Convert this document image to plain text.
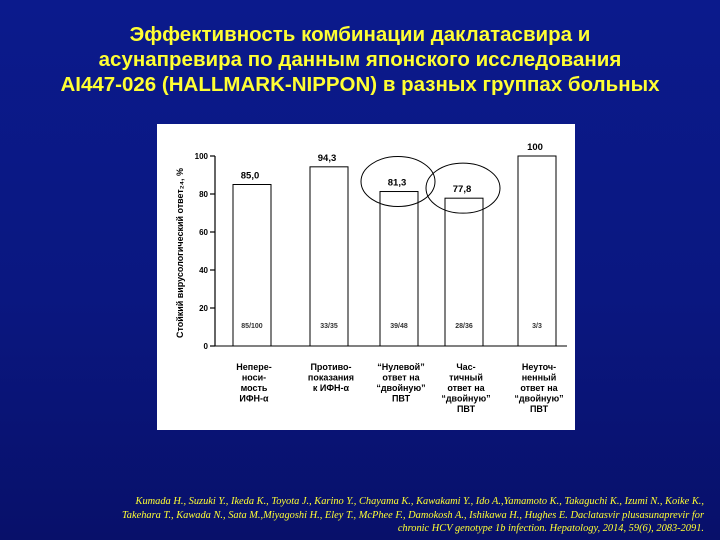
Эффективность комбинации даклатасвира и
асунапревира по данным японского исследования
AI447-026 (HALLMARK-NIPPON) в разных группах больных
0
20
40
60
80
100
Стойкий вирусологический ответ₂₄, %	85,0
85/100
Непере-
носи-
мость
ИФН-α
94,3
33/35
Противо-
показания
к ИФН-α
81,3
39/48
“Нулевой”
ответ на
“двойную”
ПВТ
77,8
28/36
Час-
тичный
ответ на
“двойную”
ПВТ
100
3/3
Неуточ-
ненный
ответ на
“двойную”
ПВТ

Kumada H., Suzuki Y., Ikeda K., Toyota J., Karino Y., Chayama K., Kawakami Y., Ido A.,Yamamoto K., Takaguchi K., Izumi N., Koike K.,
Takehara T., Kawada N., Sata M.,Miyagoshi H., Eley T., McPhee F., Damokosh A., Ishikawa H., Hughes E. Daclatasvir plusasunaprevir for
chronic HCV genotype 1b infection. Hepatology, 2014, 59(6), 2083-2091.
